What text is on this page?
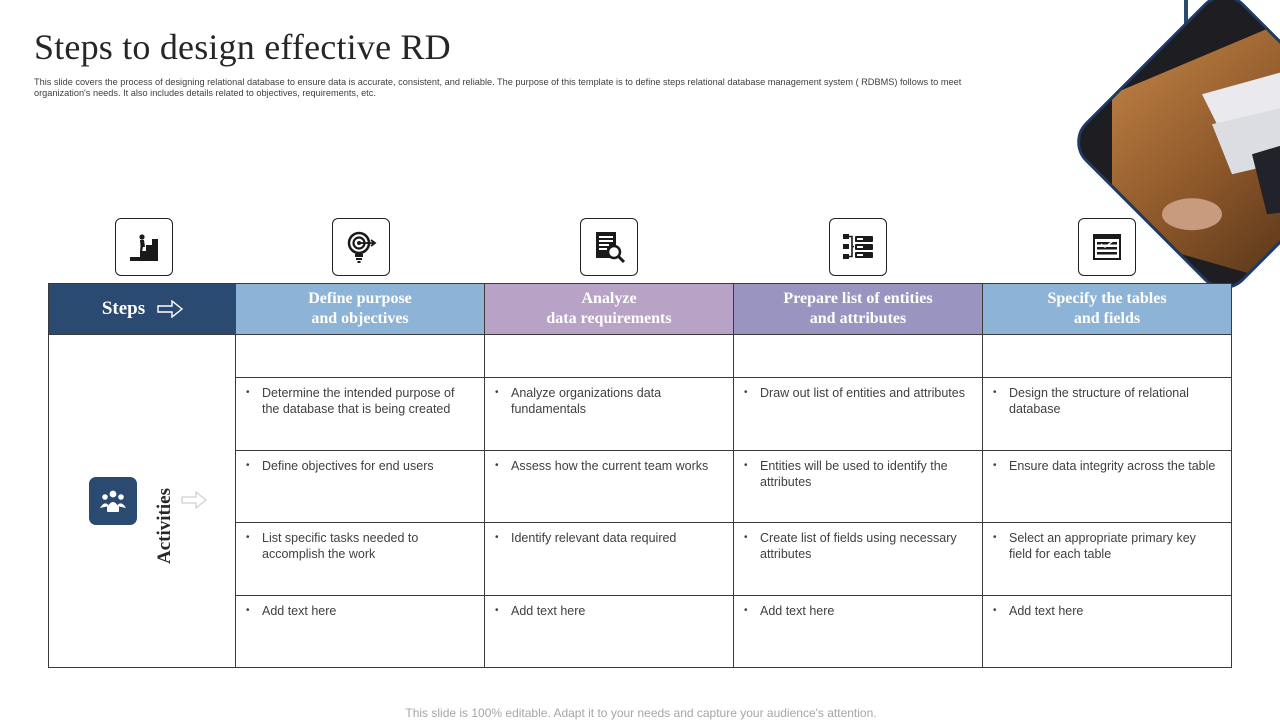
Steps to design effective RD
This slide covers the process of designing relational database to ensure data is accurate, consistent, and reliable. The purpose of this template is to define steps relational database management system ( RDBMS) follows to meet organization's needs. It also includes details related to objectives, requirements, etc.
Steps	Define purpose
and objectives
Analyze
data requirements
Prepare list of entities
and attributes
Specify the tables
and fields
Activities
• Determine the intended purpose of the database that is being created
• Define objectives for end users
• List specific tasks needed to accomplish the work
• Add text here
• Analyze organizations data fundamentals
• Assess how the current team works
• Identify relevant data required
• Add text here
• Draw out list of entities and attributes
• Entities will be used to identify the attributes
• Create list of fields using necessary attributes
• Add text here
• Design the structure of relational database
• Ensure data integrity across the table
• Select an appropriate primary key field for each table
• Add text here
This slide is 100% editable. Adapt it to your needs and capture your audience's attention.
